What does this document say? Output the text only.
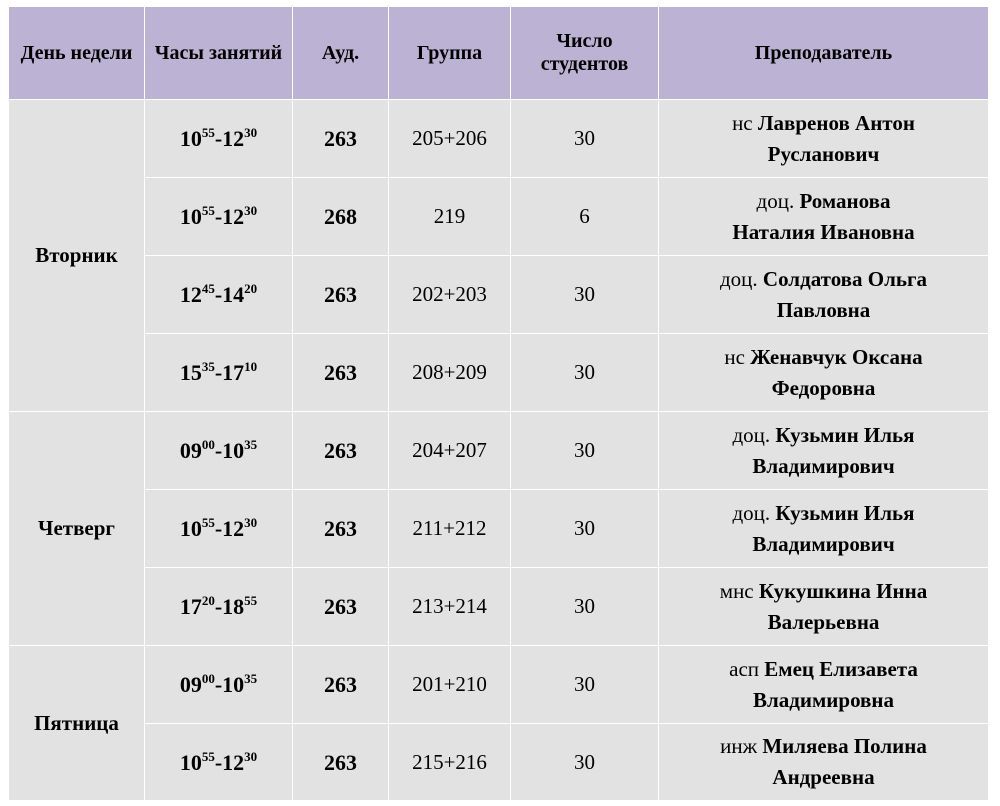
День недели	Часы занятий	Ауд.	Группа	Число студентов	Преподаватель
Вторник	$10^{55}-12^{30}$	263	205+206	30	нс Лавренов Антон
Русланович
	$10^{55}-12^{30}$	268	219	6	доц. Романова
Наталия Ивановна
	$12^{45}-14^{20}$	263	202+203	30	доц. Солдатова Ольга
Павловна
	$15^{35}-17^{10}$	263	208+209	30	нс Женавчук Оксана
Федоровна
Четверг	$09^{00}-10^{35}$	263	204+207	30	доц. Кузьмин Илья
Владимирович
	$10^{55}-12^{30}$	263	211+212	30	доц. Кузьмин Илья
Владимирович
	$17^{20}-18^{55}$	263	213+214	30	мнс Кукушкина Инна
Валерьевна
Пятница	$09^{00}-10^{35}$	263	201+210	30	асп Емец Елизавета
Владимировна
	$10^{55}-12^{30}$	263	215+216	30	инж Миляева Полина
Андреевна
